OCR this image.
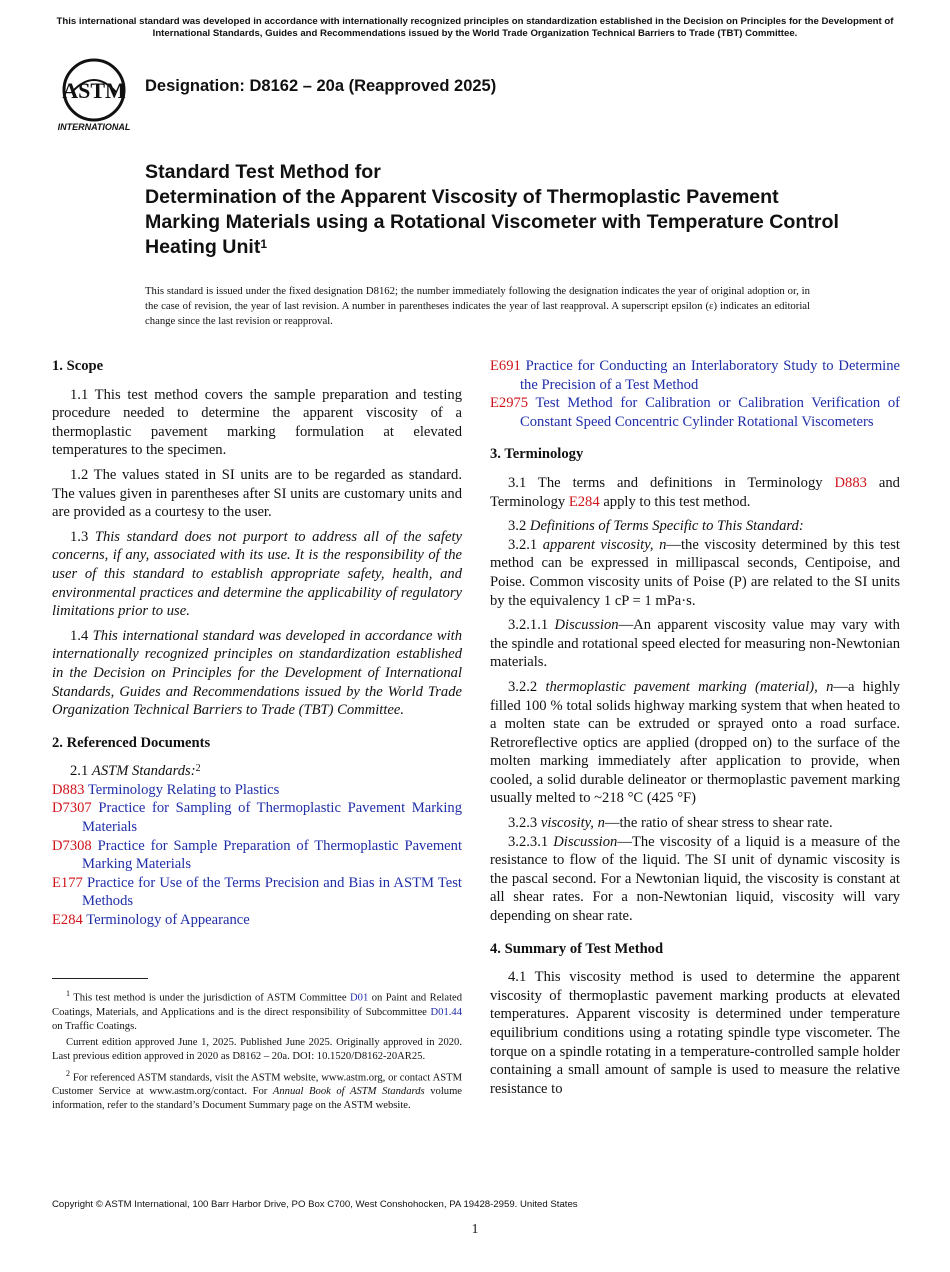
This international standard was developed in accordance with internationally recognized principles on standardization established in the Decision on Principles for the Development of International Standards, Guides and Recommendations issued by the World Trade Organization Technical Barriers to Trade (TBT) Committee.
ASTM
INTERNATIONAL
Designation: D8162 – 20a (Reapproved 2025)
Standard Test Method for
Determination of the Apparent Viscosity of Thermoplastic Pavement Marking Materials using a Rotational Viscometer with Temperature Control Heating Unit$^1$
This standard is issued under the fixed designation D8162; the number immediately following the designation indicates the year of original adoption or, in the case of revision, the year of last revision. A number in parentheses indicates the year of last reapproval. A superscript epsilon (ε) indicates an editorial change since the last revision or reapproval.
1. Scope

1.1 This test method covers the sample preparation and testing procedure needed to determine the apparent viscosity of a thermoplastic pavement marking formulation at elevated temperatures to the specimen.

1.2 The values stated in SI units are to be regarded as standard. The values given in parentheses after SI units are customary units and are provided as a courtesy to the user.

1.3 This standard does not purport to address all of the safety concerns, if any, associated with its use. It is the responsibility of the user of this standard to establish appropriate safety, health, and environmental practices and determine the applicability of regulatory limitations prior to use.

1.4 This international standard was developed in accordance with internationally recognized principles on standardization established in the Decision on Principles for the Development of International Standards, Guides and Recommendations issued by the World Trade Organization Technical Barriers to Trade (TBT) Committee.

2. Referenced Documents

2.1 ASTM Standards:$^2$

D883 Terminology Relating to Plastics
D7307 Practice for Sampling of Thermoplastic Pavement Marking Materials
D7308 Practice for Sample Preparation of Thermoplastic Pavement Marking Materials
E177 Practice for Use of the Terms Precision and Bias in ASTM Test Methods
E284 Terminology of Appearance

$^1$ This test method is under the jurisdiction of ASTM Committee D01 on Paint and Related Coatings, Materials, and Applications and is the direct responsibility of Subcommittee D01.44 on Traffic Coatings.

Current edition approved June 1, 2025. Published June 2025. Originally approved in 2020. Last previous edition approved in 2020 as D8162 – 20a. DOI: 10.1520/D8162-20AR25.

$^2$ For referenced ASTM standards, visit the ASTM website, www.astm.org, or contact ASTM Customer Service at www.astm.org/contact. For Annual Book of ASTM Standards volume information, refer to the standard’s Document Summary page on the ASTM website.

E691 Practice for Conducting an Interlaboratory Study to Determine the Precision of a Test Method
E2975 Test Method for Calibration or Calibration Verification of Constant Speed Concentric Cylinder Rotational Viscometers
3. Terminology

3.1 The terms and definitions in Terminology D883 and Terminology E284 apply to this test method.

3.2 Definitions of Terms Specific to This Standard:

3.2.1 apparent viscosity, n—the viscosity determined by this test method can be expressed in millipascal seconds, Centipoise, and Poise. Common viscosity units of Poise (P) are related to the SI units by the equivalency 1 cP = 1 mPa·s.

3.2.1.1 Discussion—An apparent viscosity value may vary with the spindle and rotational speed elected for measuring non-Newtonian materials.

3.2.2 thermoplastic pavement marking (material), n—a highly filled 100 % total solids highway marking system that when heated to a molten state can be extruded or sprayed onto a road surface. Retroreflective optics are applied (dropped on) to the surface of the molten marking immediately after application to provide, when cooled, a solid durable delineator or thermoplastic pavement marking usually melted to ~218 °C (425 °F)

3.2.3 viscosity, n—the ratio of shear stress to shear rate.

3.2.3.1 Discussion—The viscosity of a liquid is a measure of the resistance to flow of the liquid. The SI unit of dynamic viscosity is the pascal second. For a Newtonian liquid, the viscosity is constant at all shear rates. For a non-Newtonian liquid, viscosity will vary depending on shear rate.

4. Summary of Test Method

4.1 This viscosity method is used to determine the apparent viscosity of thermoplastic pavement marking products at elevated temperatures. Apparent viscosity is determined under temperature equilibrium conditions using a rotating spindle type viscometer. The torque on a spindle rotating in a temperature-controlled sample holder containing a small amount of sample is used to measure the relative resistance to

Copyright © ASTM International, 100 Barr Harbor Drive, PO Box C700, West Conshohocken, PA 19428-2959. United States
1
